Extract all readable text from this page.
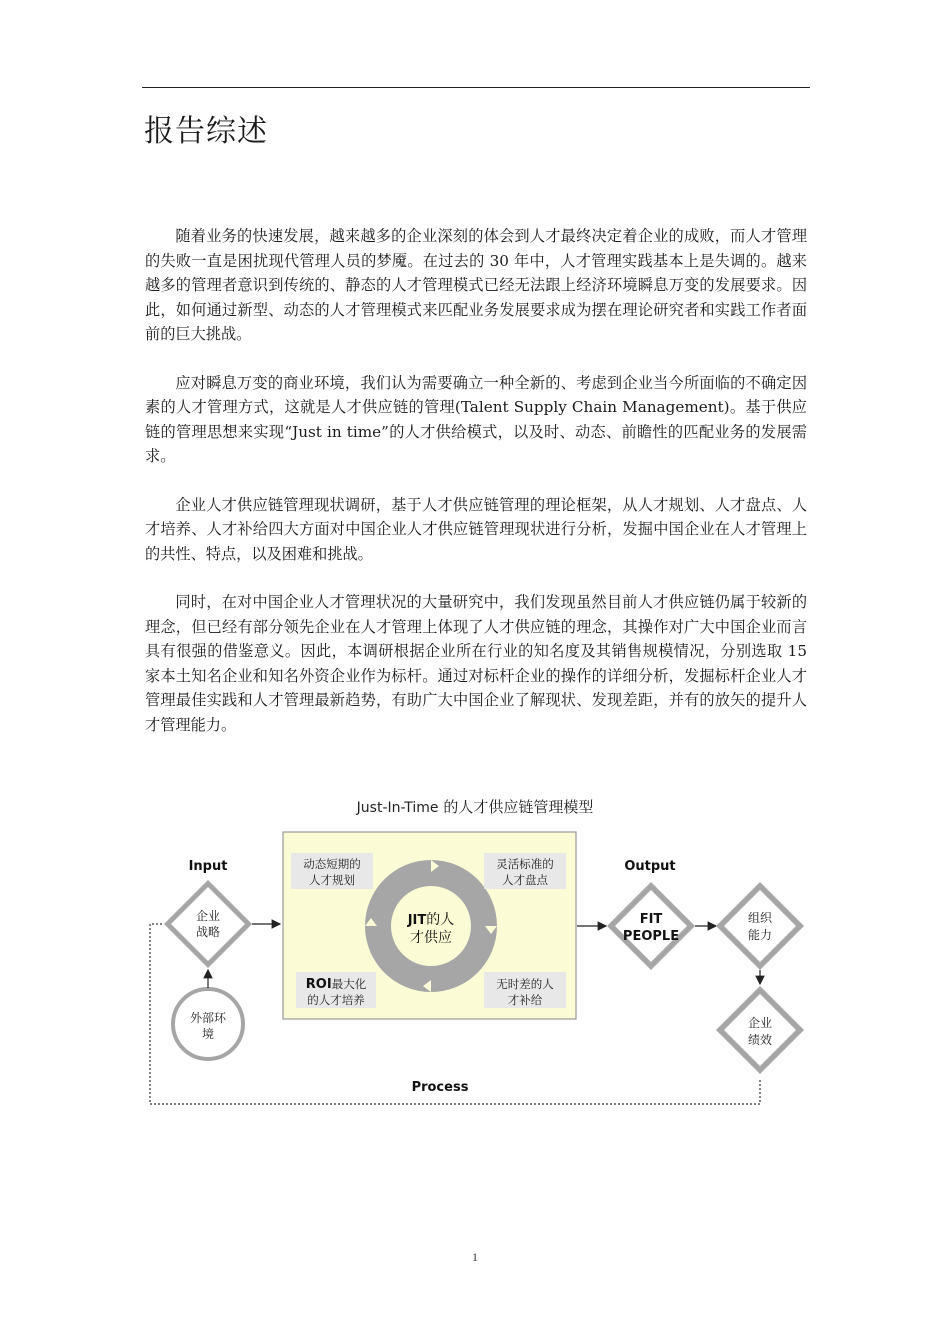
报告综述

随着业务的快速发展，越来越多的企业深刻的体会到人才最终决定着企业的成败，而人才管理的失败一直是困扰现代管理人员的梦魇。在过去的 30 年中，人才管理实践基本上是失调的。越来越多的管理者意识到传统的、静态的人才管理模式已经无法跟上经济环境瞬息万变的发展要求。因此，如何通过新型、动态的人才管理模式来匹配业务发展要求成为摆在理论研究者和实践工作者面前的巨大挑战。

应对瞬息万变的商业环境，我们认为需要确立一种全新的、考虑到企业当今所面临的不确定因素的人才管理方式，这就是人才供应链的管理(Talent Supply Chain Management)。基于供应链的管理思想来实现“Just in time”的人才供给模式，以及时、动态、前瞻性的匹配业务的发展需求。

企业人才供应链管理现状调研，基于人才供应链管理的理论框架，从人才规划、人才盘点、人才培养、人才补给四大方面对中国企业人才供应链管理现状进行分析，发掘中国企业在人才管理上的共性、特点，以及困难和挑战。

同时，在对中国企业人才管理状况的大量研究中，我们发现虽然目前人才供应链仍属于较新的理念，但已经有部分领先企业在人才管理上体现了人才供应链的理念，其操作对广大中国企业而言具有很强的借鉴意义。因此，本调研根据企业所在行业的知名度及其销售规模情况，分别选取 15 家本土知名企业和知名外资企业作为标杆。通过对标杆企业的操作的详细分析，发掘标杆企业人才管理最佳实践和人才管理最新趋势，有助广大中国企业了解现状、发现差距，并有的放矢的提升人才管理能力。

Just-In-Time 的人才供应链管理模型
Process
Input
企业
战略
外部环
境
JIT的人
才供应
动态短期的
人才规划
灵活标准的
人才盘点
ROI最大化
的人才培养
无时差的人
才补给
Output
FIT
PEOPLE
组织
能力
企业
绩效
1
